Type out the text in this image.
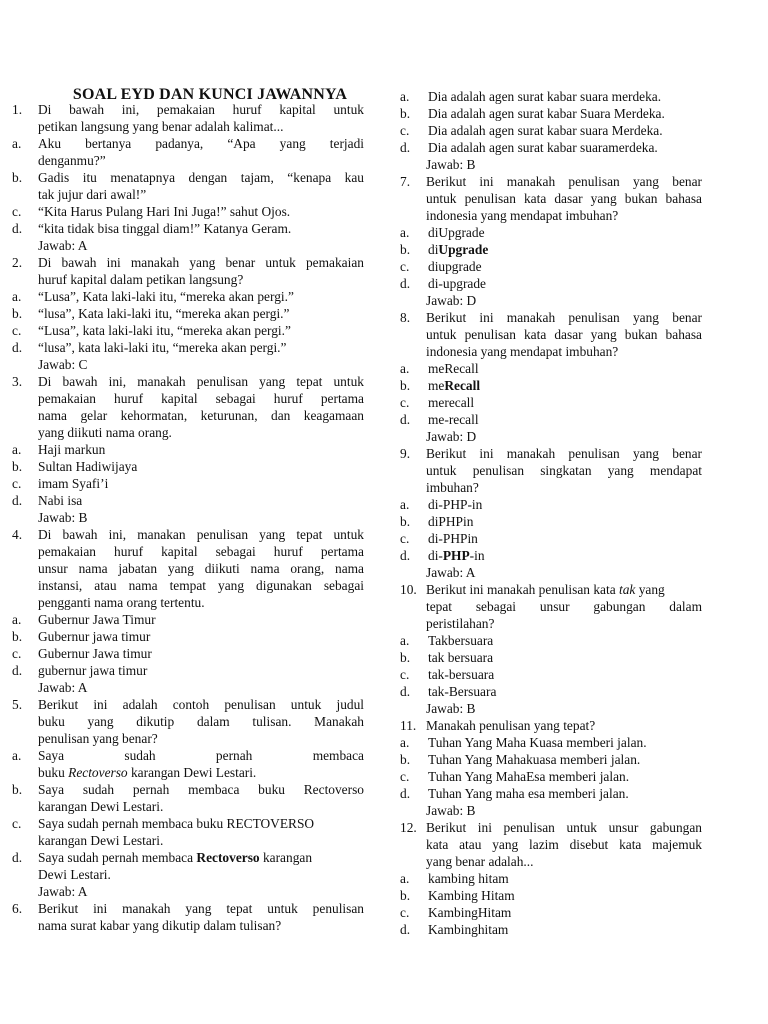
SOAL EYD DAN KUNCI JAWANNYA
1. Di bawah ini, pemakaian huruf kapital untuk
petikan langsung yang benar adalah kalimat...
a. Aku bertanya padanya, “Apa yang terjadi
denganmu?”
b. Gadis itu menatapnya dengan tajam, “kenapa kau
tak jujur dari awal!”
c. “Kita Harus Pulang Hari Ini Juga!” sahut Ojos.
d. “kita tidak bisa tinggal diam!” Katanya Geram.
Jawab: A
2. Di bawah ini manakah yang benar untuk pemakaian
huruf kapital dalam petikan langsung?
a. “Lusa”, Kata laki-laki itu, “mereka akan pergi.”
b. “lusa”, Kata laki-laki itu, “mereka akan pergi.”
c. “Lusa”, kata laki-laki itu, “mereka akan pergi.”
d. “lusa”, kata laki-laki itu, “mereka akan pergi.”
Jawab: C
3. Di bawah ini, manakah penulisan yang tepat untuk
pemakaian huruf kapital sebagai huruf pertama
nama gelar kehormatan, keturunan, dan keagamaan
yang diikuti nama orang.
a. Haji markun
b. Sultan Hadiwijaya
c. imam Syafi’i
d. Nabi isa
Jawab: B
4. Di bawah ini, manakan penulisan yang tepat untuk
pemakaian huruf kapital sebagai huruf pertama
unsur nama jabatan yang diikuti nama orang, nama
instansi, atau nama tempat yang digunakan sebagai
pengganti nama orang tertentu.
a. Gubernur Jawa Timur
b. Gubernur jawa timur
c. Gubernur Jawa timur
d. gubernur jawa timur
Jawab: A
5. Berikut ini adalah contoh penulisan untuk judul
buku yang dikutip dalam tulisan. Manakah
penulisan yang benar?
a. Saya sudah pernah membaca
buku Rectoverso karangan Dewi Lestari.
b. Saya sudah pernah membaca buku Rectoverso
karangan Dewi Lestari.
c. Saya sudah pernah membaca buku RECTOVERSO
karangan Dewi Lestari.
d. Saya sudah pernah membaca Rectoverso karangan
Dewi Lestari.
Jawab: A
6. Berikut ini manakah yang tepat untuk penulisan
nama surat kabar yang dikutip dalam tulisan?
a. Dia adalah agen surat kabar suara merdeka.
b. Dia adalah agen surat kabar Suara Merdeka.
c. Dia adalah agen surat kabar suara Merdeka.
d. Dia adalah agen surat kabar suaramerdeka.
Jawab: B
7. Berikut ini manakah penulisan yang benar
untuk penulisan kata dasar yang bukan bahasa
indonesia yang mendapat imbuhan?
a. diUpgrade
b. diUpgrade
c. diupgrade
d. di-upgrade
Jawab: D
8. Berikut ini manakah penulisan yang benar
untuk penulisan kata dasar yang bukan bahasa
indonesia yang mendapat imbuhan?
a. meRecall
b. meRecall
c. merecall
d. me-recall
Jawab: D
9. Berikut ini manakah penulisan yang benar
untuk penulisan singkatan yang mendapat
imbuhan?
a. di-PHP-in
b. diPHPin
c. di-PHPin
d. di-PHP-in
Jawab: A
10. Berikut ini manakah penulisan kata tak yang
tepat sebagai unsur gabungan dalam
peristilahan?
a. Takbersuara
b. tak bersuara
c. tak-bersuara
d. tak-Bersuara
Jawab: B
11. Manakah penulisan yang tepat?
a. Tuhan Yang Maha Kuasa memberi jalan.
b. Tuhan Yang Mahakuasa memberi jalan.
c. Tuhan Yang MahaEsa memberi jalan.
d. Tuhan Yang maha esa memberi jalan.
Jawab: B
12. Berikut ini penulisan untuk unsur gabungan
kata atau yang lazim disebut kata majemuk
yang benar adalah...
a. kambing hitam
b. Kambing Hitam
c. KambingHitam
d. Kambinghitam
